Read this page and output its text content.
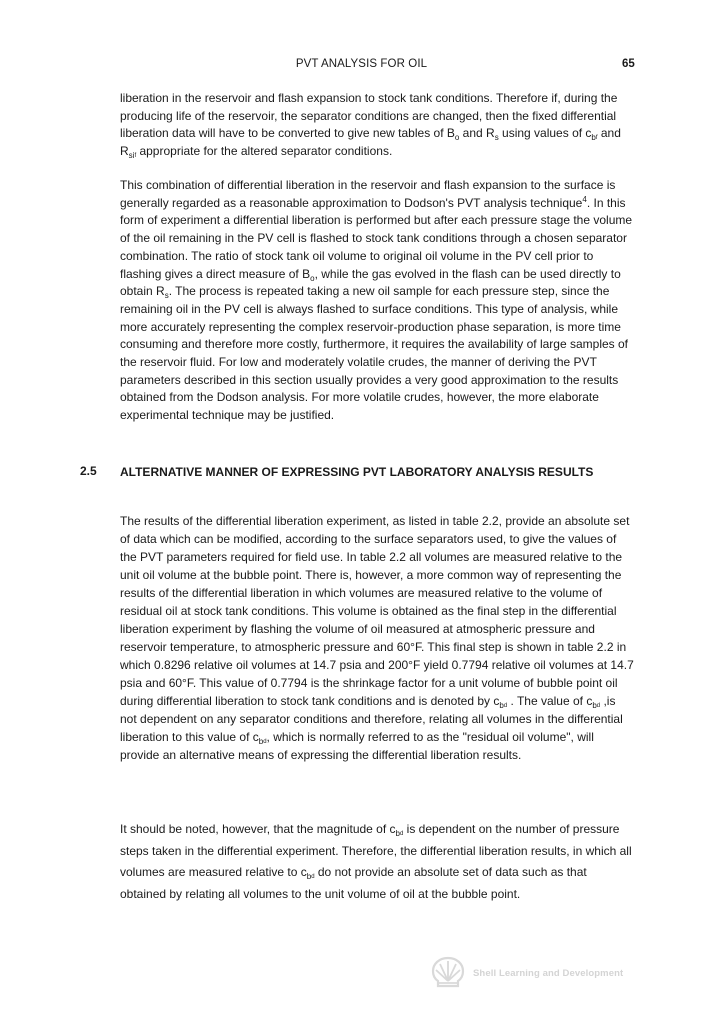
PVT ANALYSIS FOR OIL	65

liberation in the reservoir and flash expansion to stock tank conditions. Therefore if, during the producing life of the reservoir, the separator conditions are changed, then the fixed differential liberation data will have to be converted to give new tables of $B_o$ and $R_s$ using values of $c_bf$ and $R_{si}f$ appropriate for the altered separator conditions.

This combination of differential liberation in the reservoir and flash expansion to the surface is generally regarded as a reasonable approximation to Dodson's PVT analysis technique$^4$. In this form of experiment a differential liberation is performed but after each pressure stage the volume of the oil remaining in the PV cell is flashed to stock tank conditions through a chosen separator combination. The ratio of stock tank oil volume to original oil volume in the PV cell prior to flashing gives a direct measure of $B_o$, while the gas evolved in the flash can be used directly to obtain $R_s$. The process is repeated taking a new oil sample for each pressure step, since the remaining oil in the PV cell is always flashed to surface conditions. This type of analysis, while more accurately representing the complex reservoir-production phase separation, is more time consuming and therefore more costly, furthermore, it requires the availability of large samples of the reservoir fluid. For low and moderately volatile crudes, the manner of deriving the PVT parameters described in this section usually provides a very good approximation to the results obtained from the Dodson analysis. For more volatile crudes, however, the more elaborate experimental technique may be justified.

2.5 ALTERNATIVE MANNER OF EXPRESSING PVT LABORATORY ANALYSIS RESULTS

The results of the differential liberation experiment, as listed in table 2.2, provide an absolute set of data which can be modified, according to the surface separators used, to give the values of the PVT parameters required for field use. In table 2.2 all volumes are measured relative to the unit oil volume at the bubble point. There is, however, a more common way of representing the results of the differential liberation in which volumes are measured relative to the volume of residual oil at stock tank conditions. This volume is obtained as the final step in the differential liberation experiment by flashing the volume of oil measured at atmospheric pressure and reservoir temperature, to atmospheric pressure and 60°F. This final step is shown in table 2.2 in which 0.8296 relative oil volumes at 14.7 psia and 200°F yield 0.7794 relative oil volumes at 14.7 psia and 60°F. This value of 0.7794 is the shrinkage factor for a unit volume of bubble point oil during differential liberation to stock tank conditions and is denoted by $c_bd$ . The value of $c_bd$ ,is not dependent on any separator conditions and therefore, relating all volumes in the differential liberation to this value of $c_bd$, which is normally referred to as the "residual oil volume", will provide an alternative means of expressing the differential liberation results.

It should be noted, however, that the magnitude of $c_bd$ is dependent on the number of pressure steps taken in the differential experiment. Therefore, the differential liberation results, in which all volumes are measured relative to $c_bd$ do not provide an absolute set of data such as that obtained by relating all volumes to the unit volume of oil at the bubble point.

Shell Learning and Development
